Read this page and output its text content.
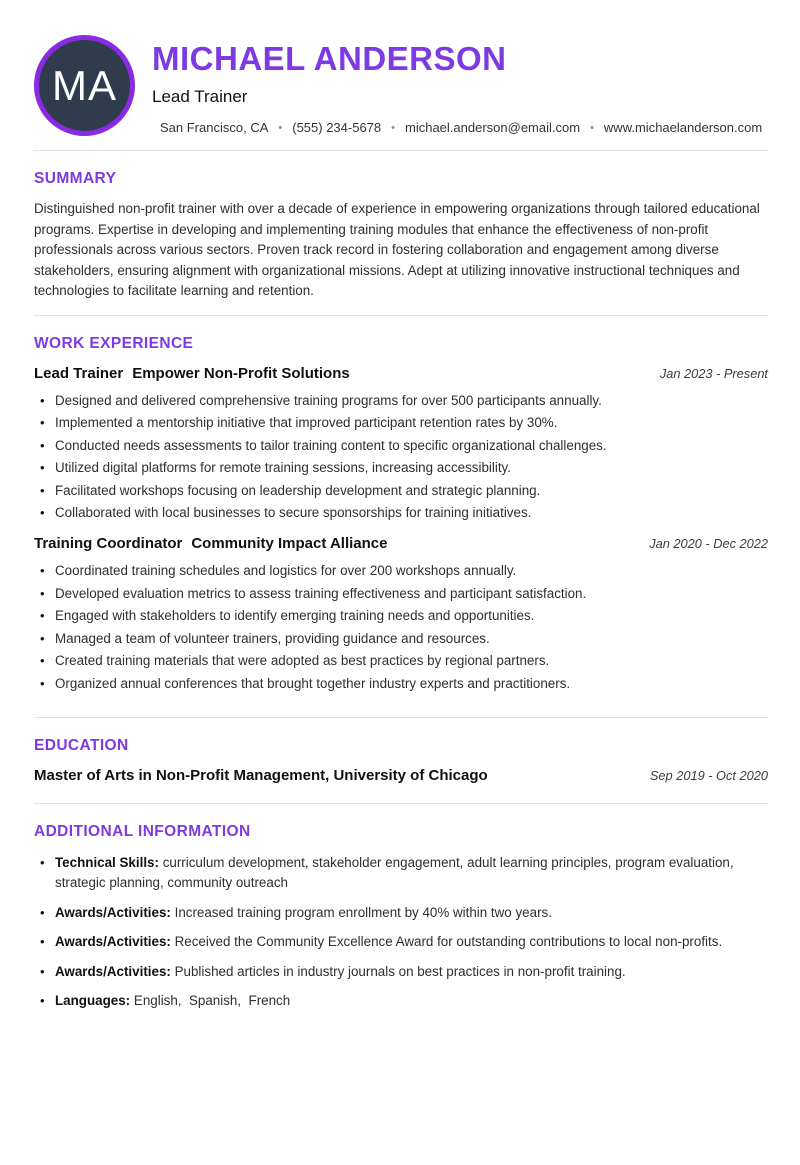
MA
MICHAEL ANDERSON
Lead Trainer
San Francisco, CA • (555) 234-5678 • michael.anderson@email.com • www.michaelanderson.com
SUMMARY

Distinguished non-profit trainer with over a decade of experience in empowering organizations through tailored educational programs. Expertise in developing and implementing training modules that enhance the effectiveness of non-profit professionals across various sectors. Proven track record in fostering collaboration and engagement among diverse stakeholders, ensuring alignment with organizational missions. Adept at utilizing innovative instructional techniques and technologies to facilitate learning and retention.

WORK EXPERIENCE
Lead Trainer Empower Non-Profit Solutions	Jan 2023 - Present
• Designed and delivered comprehensive training programs for over 500 participants annually.
• Implemented a mentorship initiative that improved participant retention rates by 30%.
• Conducted needs assessments to tailor training content to specific organizational challenges.
• Utilized digital platforms for remote training sessions, increasing accessibility.
• Facilitated workshops focusing on leadership development and strategic planning.
• Collaborated with local businesses to secure sponsorships for training initiatives.
Training Coordinator Community Impact Alliance	Jan 2020 - Dec 2022
• Coordinated training schedules and logistics for over 200 workshops annually.
• Developed evaluation metrics to assess training effectiveness and participant satisfaction.
• Engaged with stakeholders to identify emerging training needs and opportunities.
• Managed a team of volunteer trainers, providing guidance and resources.
• Created training materials that were adopted as best practices by regional partners.
• Organized annual conferences that brought together industry experts and practitioners.
EDUCATION
Master of Arts in Non-Profit Management, University of Chicago	Sep 2019 - Oct 2020
ADDITIONAL INFORMATION
• Technical Skills: curriculum development, stakeholder engagement, adult learning principles, program evaluation, strategic planning, community outreach
• Awards/Activities: Increased training program enrollment by 40% within two years.
• Awards/Activities: Received the Community Excellence Award for outstanding contributions to local non-profits.
• Awards/Activities: Published articles in industry journals on best practices in non-profit training.
• Languages: English,  Spanish,  French
